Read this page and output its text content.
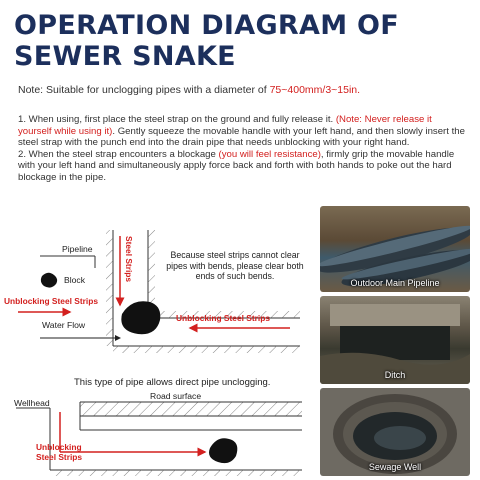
OPERATION DIAGRAM OF SEWER SNAKE
Note: Suitable for unclogging pipes with a diameter of 75~400mm/3~15in.

1. When using, first place the steel strap on the ground and fully release it. (Note: Never release it yourself while using it). Gently squeeze the movable handle with your left hand, and then slowly insert the steel strap with the punch end into the drain pipe that needs unblocking with your right hand.

2. When the steel strap encounters a blockage (you will feel resistance), firmly grip the movable handle with your left hand and simultaneously apply force back and forth with both hands to poke out the hard blockage in the pipe.

Pipeline
Block
Unblocking Steel Strips
Water Flow
Steel Strips	Because steel strips cannot clear pipes with bends, please clear both ends of such bends.
Unblocking Steel Strips
This type of pipe allows direct pipe unclogging.
Road surface
Wellhead
Unblocking Steel Strips
Outdoor Main Pipeline
Ditch
Sewage Well
